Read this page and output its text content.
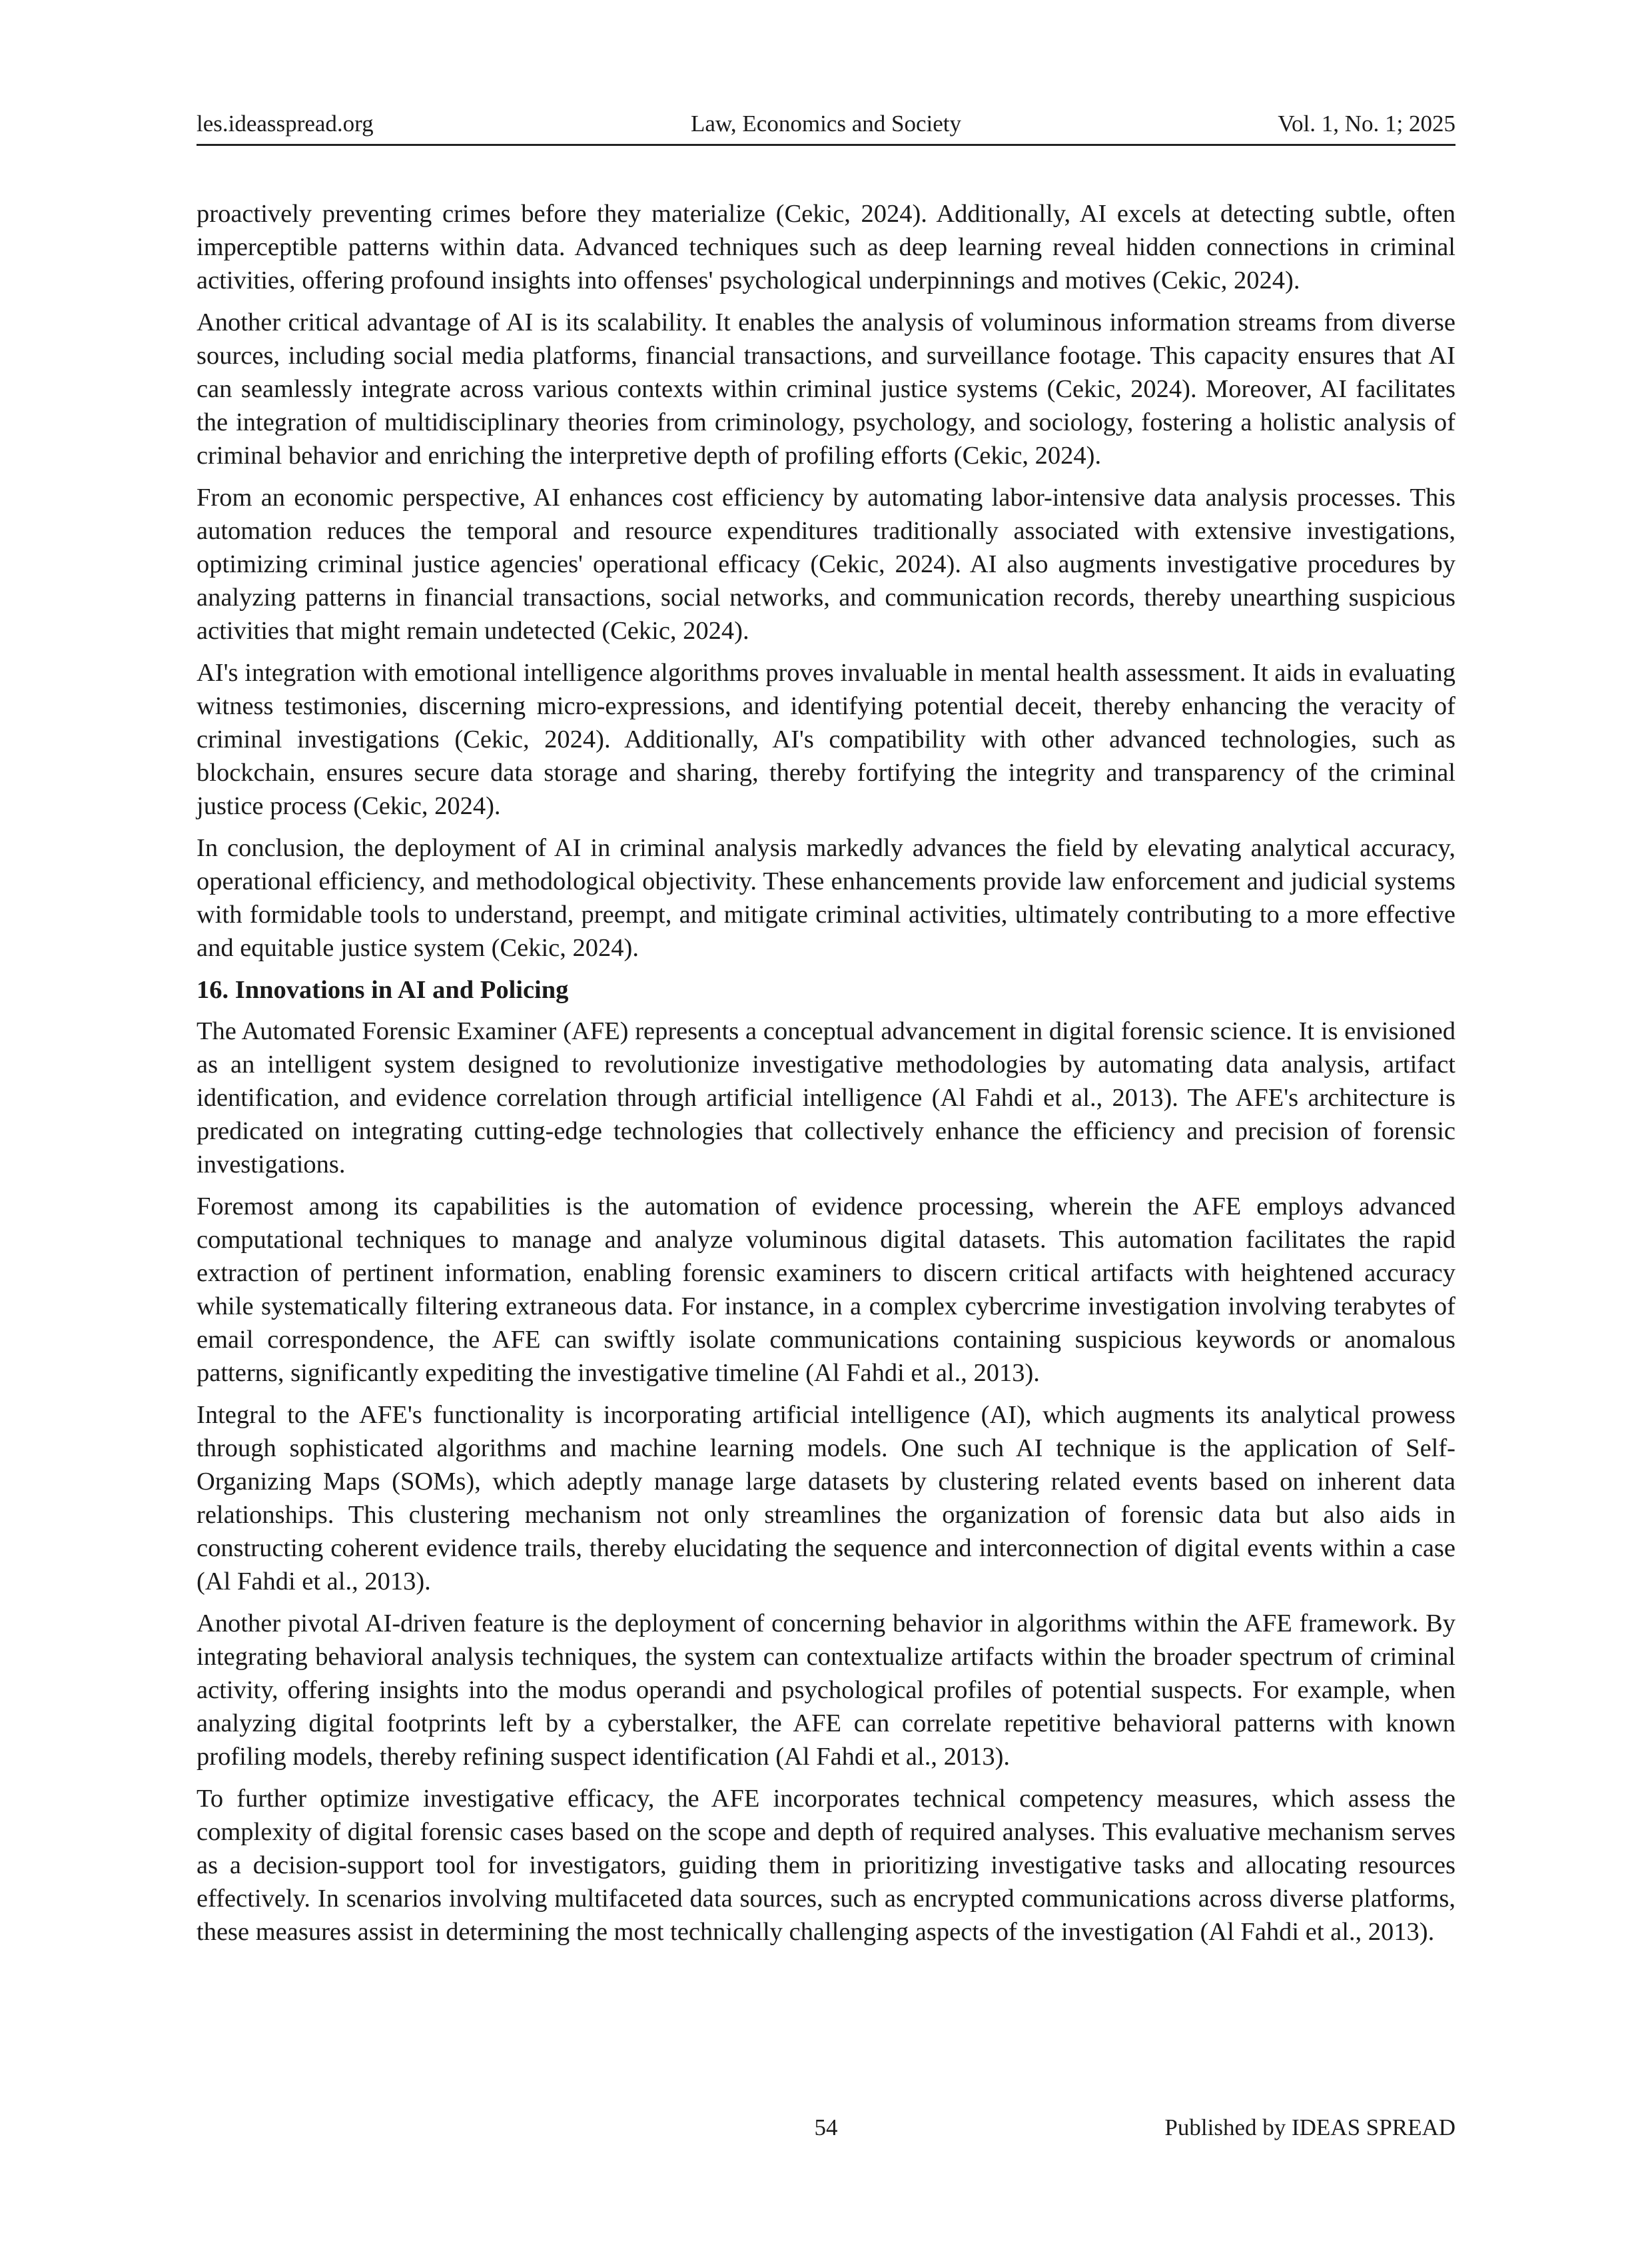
les.ideasspread.org	Law, Economics and Society	Vol. 1, No. 1; 2025

proactively preventing crimes before they materialize (Cekic, 2024). Additionally, AI excels at detecting subtle, often imperceptible patterns within data. Advanced techniques such as deep learning reveal hidden connections in criminal activities, offering profound insights into offenses' psychological underpinnings and motives (Cekic, 2024).

Another critical advantage of AI is its scalability. It enables the analysis of voluminous information streams from diverse sources, including social media platforms, financial transactions, and surveillance footage. This capacity ensures that AI can seamlessly integrate across various contexts within criminal justice systems (Cekic, 2024). Moreover, AI facilitates the integration of multidisciplinary theories from criminology, psychology, and sociology, fostering a holistic analysis of criminal behavior and enriching the interpretive depth of profiling efforts (Cekic, 2024).

From an economic perspective, AI enhances cost efficiency by automating labor-intensive data analysis processes. This automation reduces the temporal and resource expenditures traditionally associated with extensive investigations, optimizing criminal justice agencies' operational efficacy (Cekic, 2024). AI also augments investigative procedures by analyzing patterns in financial transactions, social networks, and communication records, thereby unearthing suspicious activities that might remain undetected (Cekic, 2024).

AI's integration with emotional intelligence algorithms proves invaluable in mental health assessment. It aids in evaluating witness testimonies, discerning micro-expressions, and identifying potential deceit, thereby enhancing the veracity of criminal investigations (Cekic, 2024). Additionally, AI's compatibility with other advanced technologies, such as blockchain, ensures secure data storage and sharing, thereby fortifying the integrity and transparency of the criminal justice process (Cekic, 2024).

In conclusion, the deployment of AI in criminal analysis markedly advances the field by elevating analytical accuracy, operational efficiency, and methodological objectivity. These enhancements provide law enforcement and judicial systems with formidable tools to understand, preempt, and mitigate criminal activities, ultimately contributing to a more effective and equitable justice system (Cekic, 2024).

16. Innovations in AI and Policing

The Automated Forensic Examiner (AFE) represents a conceptual advancement in digital forensic science. It is envisioned as an intelligent system designed to revolutionize investigative methodologies by automating data analysis, artifact identification, and evidence correlation through artificial intelligence (Al Fahdi et al., 2013). The AFE's architecture is predicated on integrating cutting-edge technologies that collectively enhance the efficiency and precision of forensic investigations.

Foremost among its capabilities is the automation of evidence processing, wherein the AFE employs advanced computational techniques to manage and analyze voluminous digital datasets. This automation facilitates the rapid extraction of pertinent information, enabling forensic examiners to discern critical artifacts with heightened accuracy while systematically filtering extraneous data. For instance, in a complex cybercrime investigation involving terabytes of email correspondence, the AFE can swiftly isolate communications containing suspicious keywords or anomalous patterns, significantly expediting the investigative timeline (Al Fahdi et al., 2013).

Integral to the AFE's functionality is incorporating artificial intelligence (AI), which augments its analytical prowess through sophisticated algorithms and machine learning models. One such AI technique is the application of Self-Organizing Maps (SOMs), which adeptly manage large datasets by clustering related events based on inherent data relationships. This clustering mechanism not only streamlines the organization of forensic data but also aids in constructing coherent evidence trails, thereby elucidating the sequence and interconnection of digital events within a case (Al Fahdi et al., 2013).

Another pivotal AI-driven feature is the deployment of concerning behavior in algorithms within the AFE framework. By integrating behavioral analysis techniques, the system can contextualize artifacts within the broader spectrum of criminal activity, offering insights into the modus operandi and psychological profiles of potential suspects. For example, when analyzing digital footprints left by a cyberstalker, the AFE can correlate repetitive behavioral patterns with known profiling models, thereby refining suspect identification (Al Fahdi et al., 2013).

To further optimize investigative efficacy, the AFE incorporates technical competency measures, which assess the complexity of digital forensic cases based on the scope and depth of required analyses. This evaluative mechanism serves as a decision-support tool for investigators, guiding them in prioritizing investigative tasks and allocating resources effectively. In scenarios involving multifaceted data sources, such as encrypted communications across diverse platforms, these measures assist in determining the most technically challenging aspects of the investigation (Al Fahdi et al., 2013).

54	Published by IDEAS SPREAD
